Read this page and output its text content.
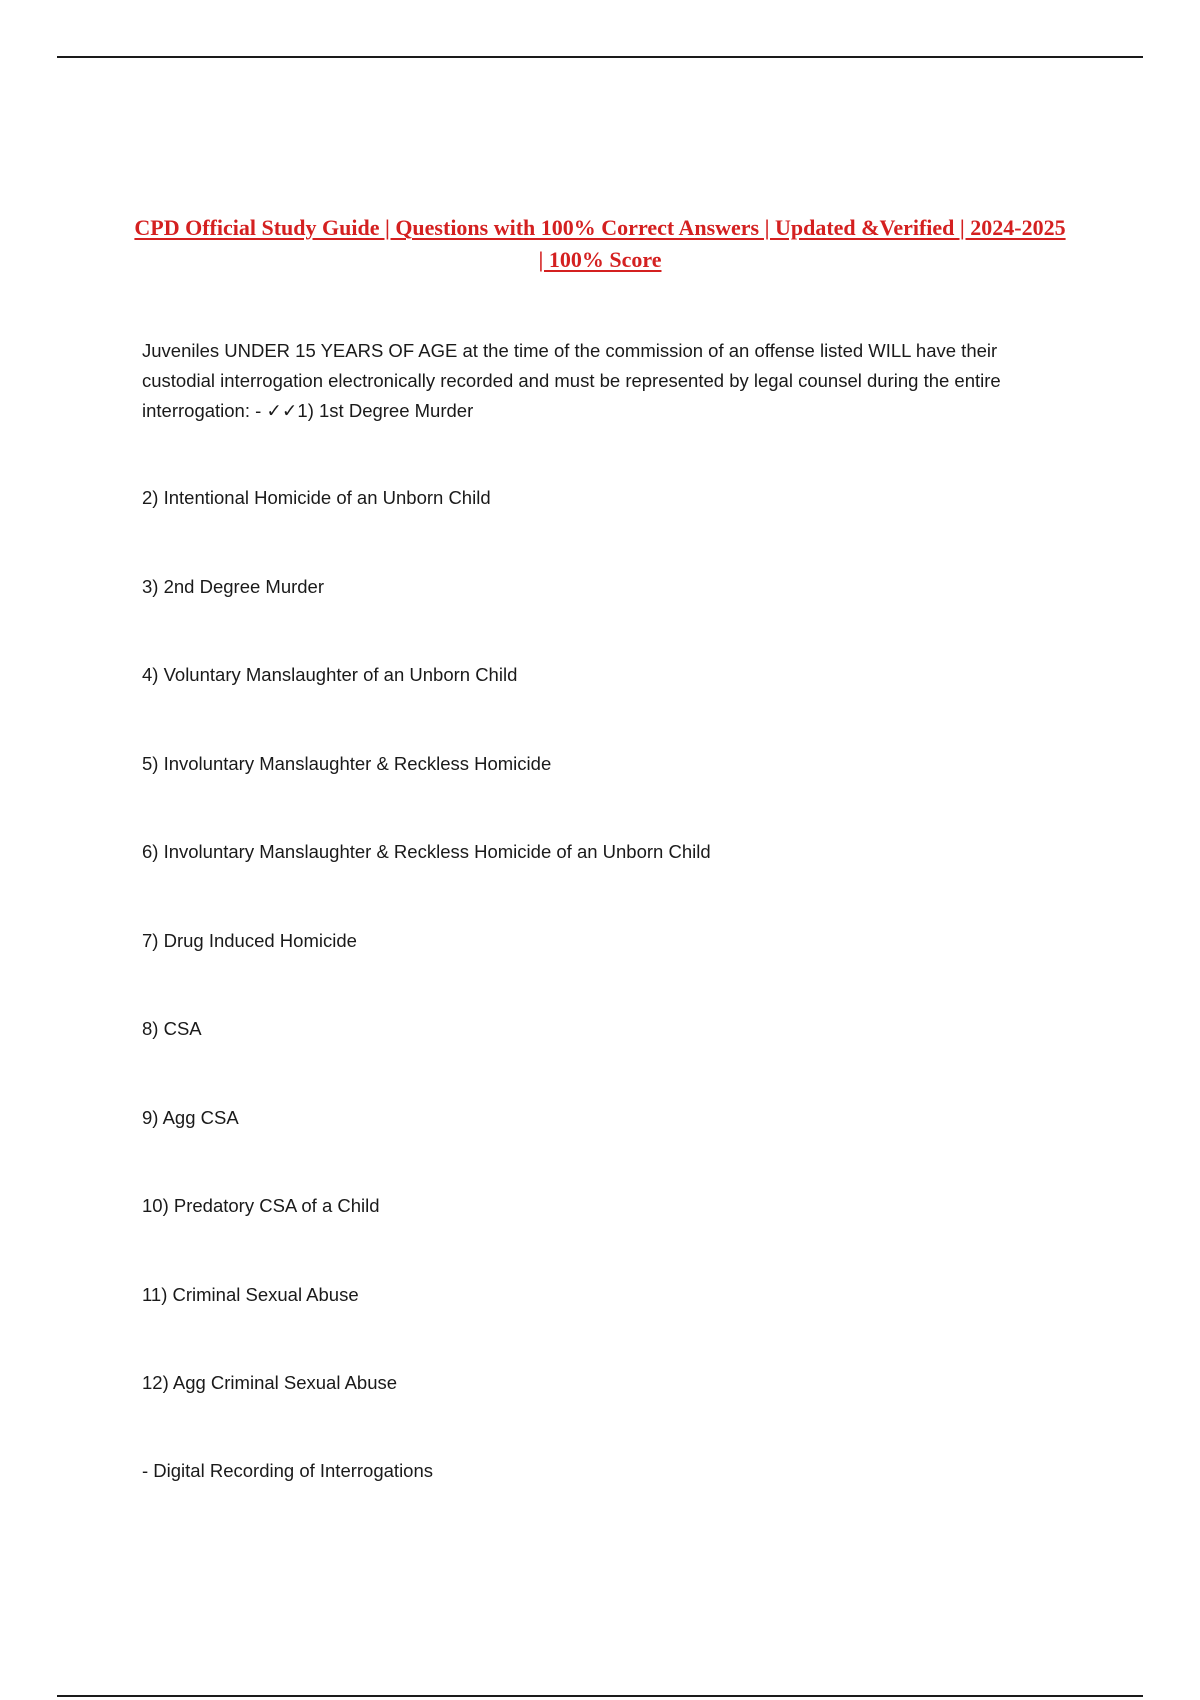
CPD Official Study Guide | Questions with 100% Correct Answers | Updated &Verified | 2024-2025 | 100% Score
Juveniles UNDER 15 YEARS OF AGE at the time of the commission of an offense listed WILL have their custodial interrogation electronically recorded and must be represented by legal counsel during the entire interrogation: - ✓✓1) 1st Degree Murder
2) Intentional Homicide of an Unborn Child
3) 2nd Degree Murder
4) Voluntary Manslaughter of an Unborn Child
5) Involuntary Manslaughter & Reckless Homicide
6) Involuntary Manslaughter & Reckless Homicide of an Unborn Child
7) Drug Induced Homicide
8) CSA
9) Agg CSA
10) Predatory CSA of a Child
11) Criminal Sexual Abuse
12) Agg Criminal Sexual Abuse
- Digital Recording of Interrogations
